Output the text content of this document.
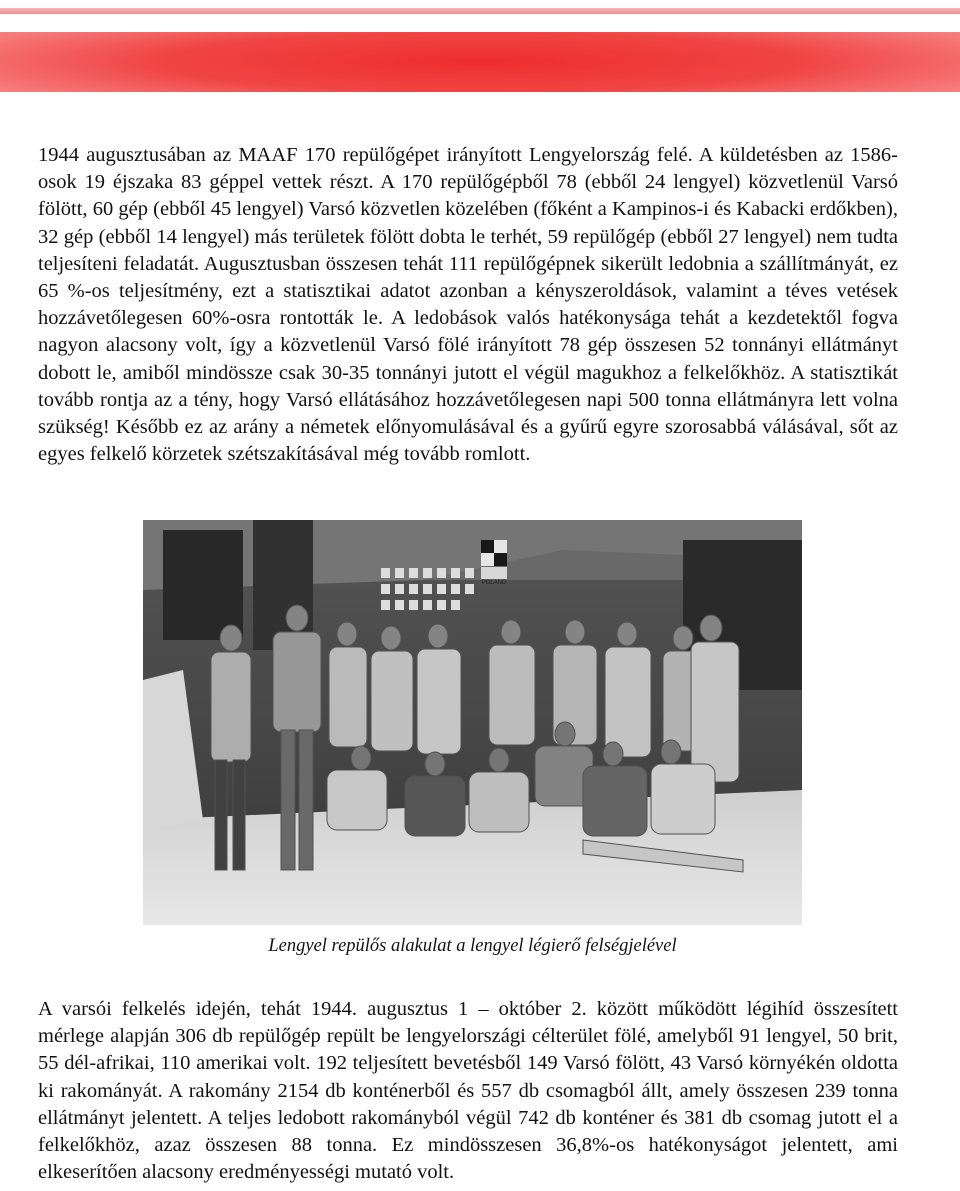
1944 augusztusában az MAAF 170 repülőgépet irányított Lengyelország felé. A küldetésben az 1586-osok 19 éjszaka 83 géppel vettek részt. A 170 repülőgépből 78 (ebből 24 lengyel) közvetlenül Varsó fölött, 60 gép (ebből 45 lengyel) Varsó közvetlen közelében (főként a Kampinos-i és Kabacki erdőkben), 32 gép (ebből 14 lengyel) más területek fölött dobta le terhét, 59 repülőgép (ebből 27 lengyel) nem tudta teljesíteni feladatát. Augusztusban összesen tehát 111 repülőgépnek sikerült ledobnia a szállítmányát, ez 65 %-os teljesítmény, ezt a statisztikai adatot azonban a kényszeroldások, valamint a téves vetések hozzávetőlegesen 60%-osra rontották le. A ledobások valós hatékonysága tehát a kezdetektől fogva nagyon alacsony volt, így a közvetlenül Varsó fölé irányított 78 gép összesen 52 tonnányi ellátmányt dobott le, amiből mindössze csak 30-35 tonnányi jutott el végül magukhoz a felkelőkhöz. A statisztikát tovább rontja az a tény, hogy Varsó ellátásához hozzávetőlegesen napi 500 tonna ellátmányra lett volna szükség! Később ez az arány a németek előnyomulásával és a gyűrű egyre szorosabbá válásával, sőt az egyes felkelő körzetek szétszakításával még tovább romlott.

POLAND

Lengyel repülős alakulat a lengyel légierő felségjelével

A varsói felkelés idején, tehát 1944. augusztus 1 – október 2. között működött légihíd összesített mérlege alapján 306 db repülőgép repült be lengyelországi célterület fölé, amelyből 91 lengyel, 50 brit, 55 dél-afrikai, 110 amerikai volt. 192 teljesített bevetésből 149 Varsó fölött, 43 Varsó környékén oldotta ki rakományát. A rakomány 2154 db konténerből és 557 db csomagból állt, amely összesen 239 tonna ellátmányt jelentett. A teljes ledobott rakományból végül 742 db konténer és 381 db csomag jutott el a felkelőkhöz, azaz összesen 88 tonna. Ez mindösszesen 36,8%-os hatékonyságot jelentett, ami elkeserítően alacsony eredményességi mutató volt.
